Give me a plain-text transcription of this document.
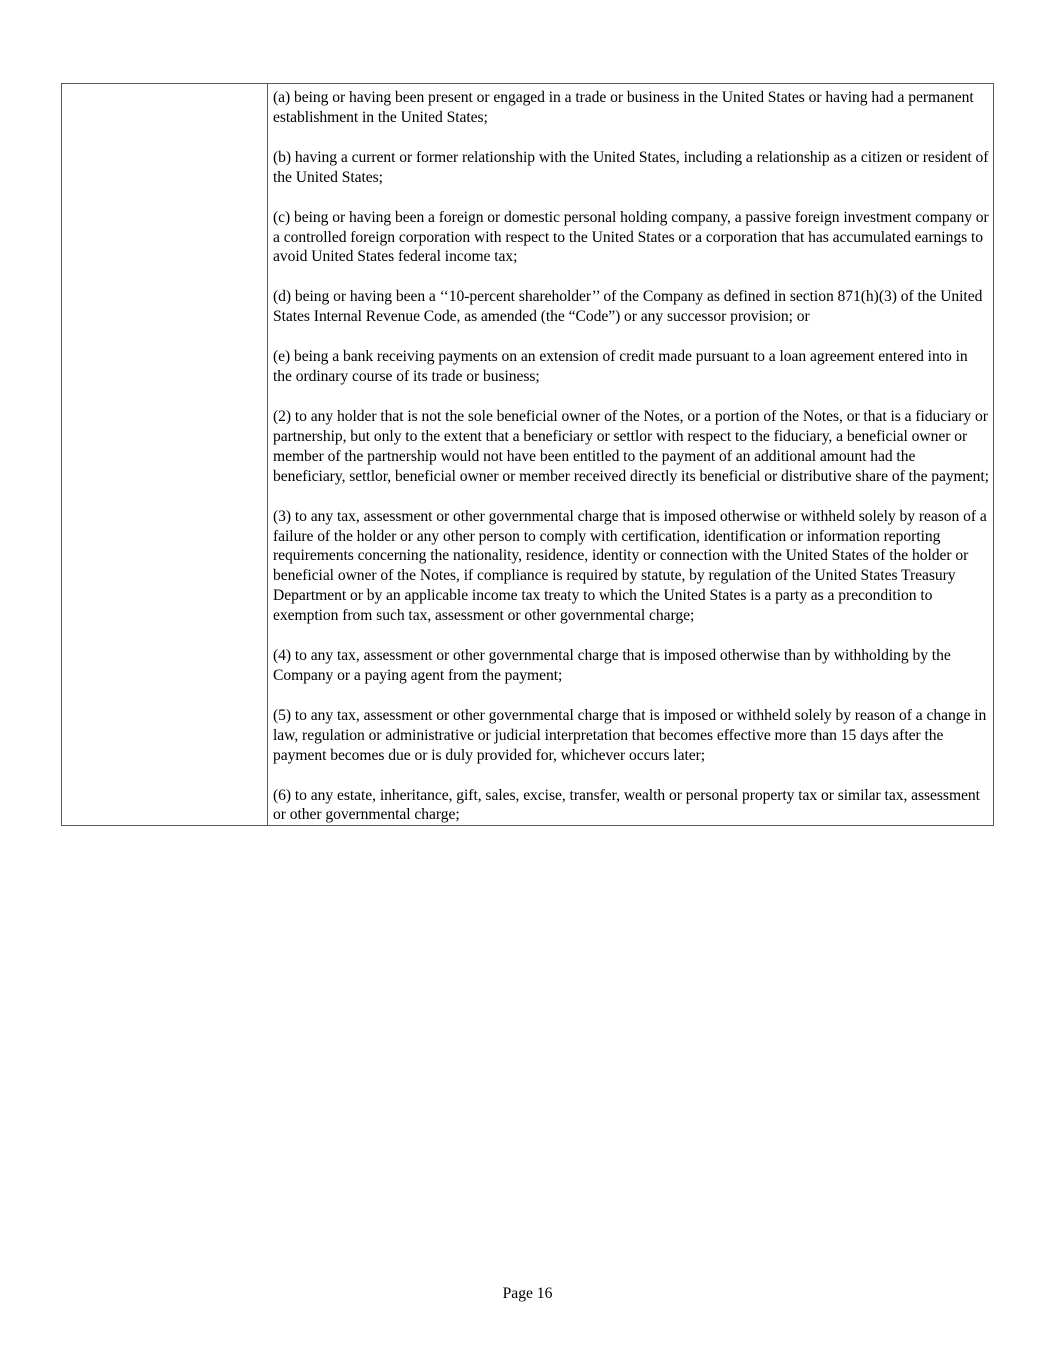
(a) being or having been present or engaged in a trade or business in the United States or having had a permanent establishment in the United States;

(b) having a current or former relationship with the United States, including a relationship as a citizen or resident of the United States;

(c) being or having been a foreign or domestic personal holding company, a passive foreign investment company or a controlled foreign corporation with respect to the United States or a corporation that has accumulated earnings to avoid United States federal income tax;

(d) being or having been a ‘‘10-percent shareholder’’ of the Company as defined in section 871(h)(3) of the United States Internal Revenue Code, as amended (the “Code”) or any successor provision; or

(e) being a bank receiving payments on an extension of credit made pursuant to a loan agreement entered into in the ordinary course of its trade or business;

(2) to any holder that is not the sole beneficial owner of the Notes, or a portion of the Notes, or that is a fiduciary or partnership, but only to the extent that a beneficiary or settlor with respect to the fiduciary, a beneficial owner or member of the partnership would not have been entitled to the payment of an additional amount had the beneficiary, settlor, beneficial owner or member received directly its beneficial or distributive share of the payment;

(3) to any tax, assessment or other governmental charge that is imposed otherwise or withheld solely by reason of a failure of the holder or any other person to comply with certification, identification or information reporting requirements concerning the nationality, residence, identity or connection with the United States of the holder or beneficial owner of the Notes, if compliance is required by statute, by regulation of the United States Treasury Department or by an applicable income tax treaty to which the United States is a party as a precondition to exemption from such tax, assessment or other governmental charge;

(4) to any tax, assessment or other governmental charge that is imposed otherwise than by withholding by the Company or a paying agent from the payment;

(5) to any tax, assessment or other governmental charge that is imposed or withheld solely by reason of a change in law, regulation or administrative or judicial interpretation that becomes effective more than 15 days after the payment becomes due or is duly provided for, whichever occurs later;

(6) to any estate, inheritance, gift, sales, excise, transfer, wealth or personal property tax or similar tax, assessment or other governmental charge;

Page 16
